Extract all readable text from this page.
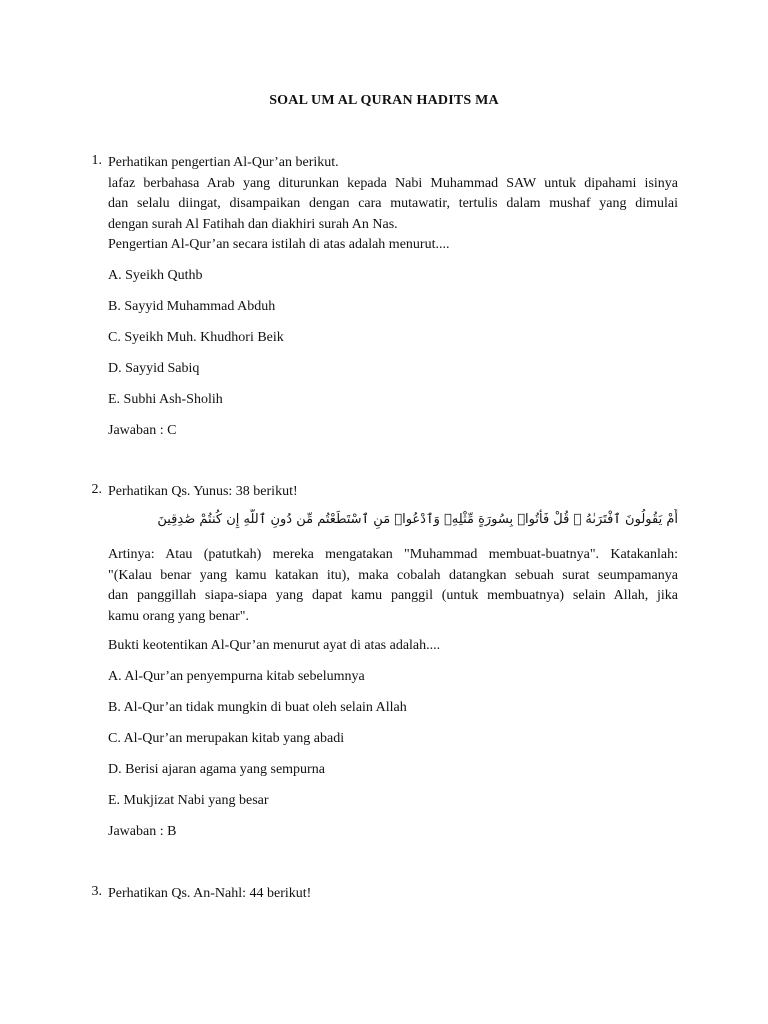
SOAL UM AL QURAN HADITS MA
1. Perhatikan pengertian Al-Qur’an berikut.
lafaz berbahasa Arab yang diturunkan kepada Nabi Muhammad SAW untuk dipahami isinya
dan selalu diingat, disampaikan dengan cara mutawatir, tertulis dalam mushaf yang dimulai
dengan surah Al Fatihah dan diakhiri surah An Nas.
Pengertian Al-Qur’an secara istilah di atas adalah menurut....
A. Syeikh Quthb
B. Sayyid Muhammad Abduh
C. Syeikh Muh. Khudhori Beik
D. Sayyid Sabiq
E. Subhi Ash-Sholih
Jawaban : C
2. Perhatikan Qs. Yunus: 38 berikut!
أَمْ يَقُولُونَ ٱفْتَرَىٰهُ ۖ قُلْ فَأْتُوا۟ بِسُورَةٍ مِّثْلِهِۦ وَٱدْعُوا۟ مَنِ ٱسْتَطَعْتُم مِّن دُونِ ٱللَّهِ إِن كُنتُمْ صَٰدِقِينَ
Artinya: Atau (patutkah) mereka mengatakan "Muhammad membuat-buatnya". Katakanlah:
"(Kalau benar yang kamu katakan itu), maka cobalah datangkan sebuah surat seumpamanya
dan panggillah siapa-siapa yang dapat kamu panggil (untuk membuatnya) selain Allah, jika
kamu orang yang benar".
Bukti keotentikan Al-Qur’an menurut ayat di atas adalah....
A. Al-Qur’an penyempurna kitab sebelumnya
B. Al-Qur’an tidak mungkin di buat oleh selain Allah
C. Al-Qur’an merupakan kitab yang abadi
D. Berisi ajaran agama yang sempurna
E. Mukjizat Nabi yang besar
Jawaban : B
3. Perhatikan Qs. An-Nahl: 44 berikut!
